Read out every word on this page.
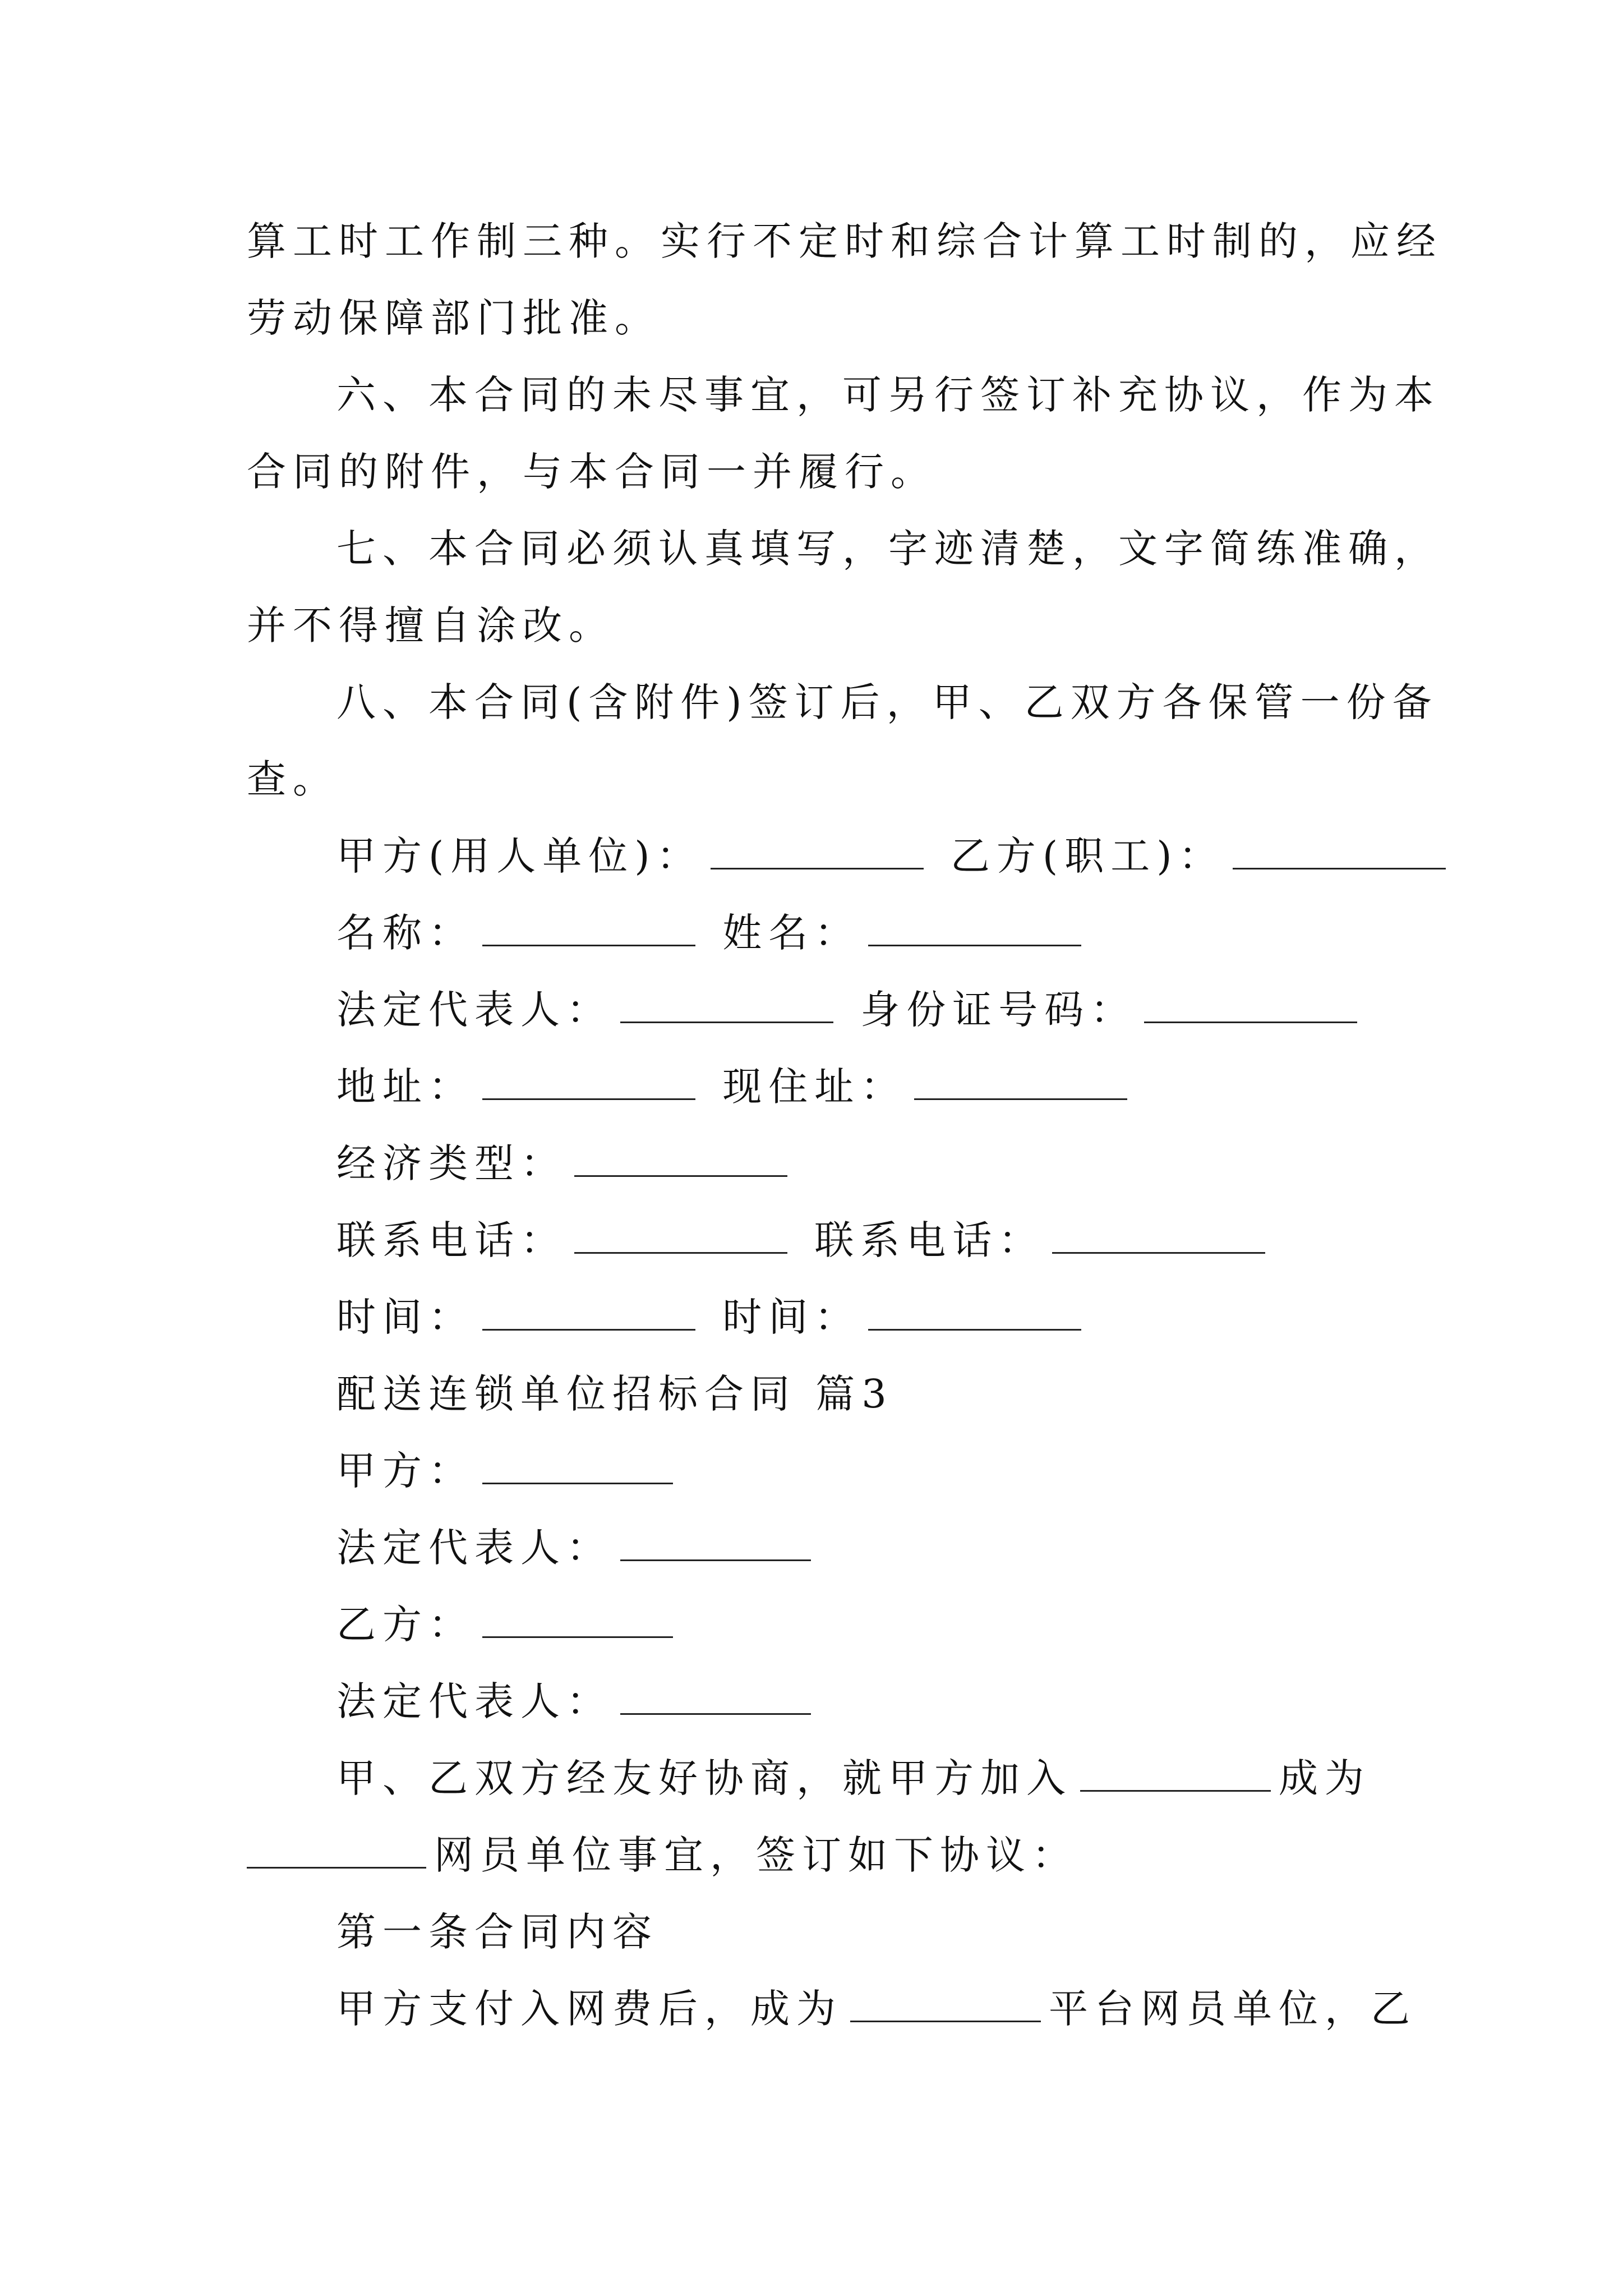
算工时工作制三种。实行不定时和综合计算工时制的，应经
劳动保障部门批准。
六、本合同的未尽事宜，可另行签订补充协议，作为本
合同的附件，与本合同一并履行。
七、本合同必须认真填写，字迹清楚，文字简练准确，
并不得擅自涂改。
八、本合同(含附件)签订后，甲、乙双方各保管一份备
查。
甲方(用人单位)：	乙方(职工)：
名称：	姓名：
法定代表人：	身份证号码：
地址：	现住址：
经济类型：
联系电话：	联系电话：
时间：	时间：
配送连锁单位招标合同 篇3
甲方：
法定代表人：
乙方：
法定代表人：
甲、乙双方经友好协商，就甲方加入	成为
网员单位事宜，签订如下协议：
第一条合同内容
甲方支付入网费后，成为	平台网员单位，乙
